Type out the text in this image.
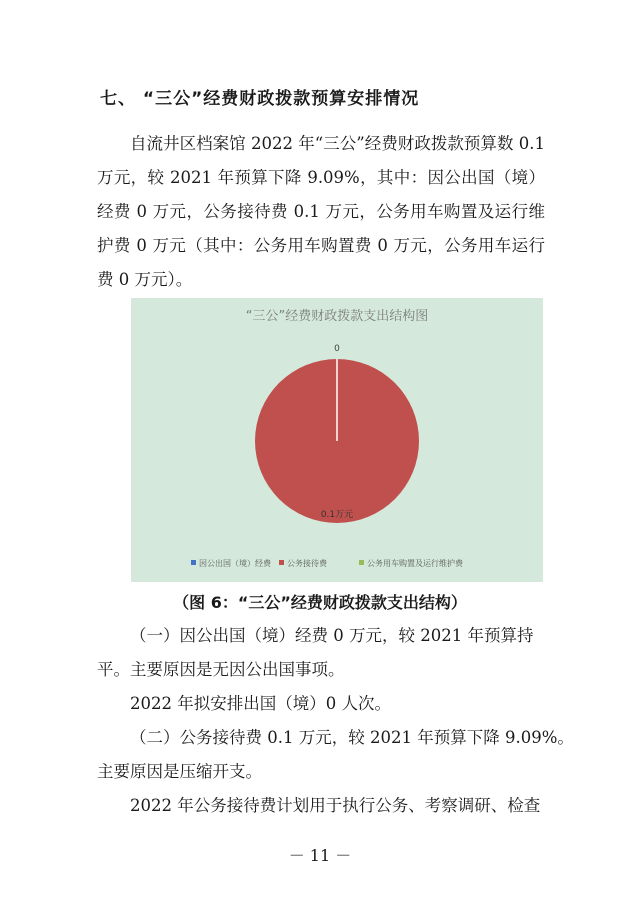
七、 “三公”经费财政拨款预算安排情况

自流井区档案馆 2022 年“三公”经费财政拨款预算数 0.1 万元，较 2021 年预算下降 9.09%，其中：因公出国（境）经费 0 万元，公务接待费 0.1 万元，公务用车购置及运行维护费 0 万元（其中：公务用车购置费 0 万元，公务用车运行费 0 万元）。

“三公”经费财政拨款支出结构图
0
0.1万元
因公出国（境）经费 公务接待费	公务用车购置及运行维护费
（图 6：“三公”经费财政拨款支出结构）

（一）因公出国（境）经费 0 万元，较 2021 年预算持

平。主要原因是无因公出国事项。

2022 年拟安排出国（境）0 人次。

（二）公务接待费 0.1 万元，较 2021 年预算下降 9.09%。

主要原因是压缩开支。

2022 年公务接待费计划用于执行公务、考察调研、检查

－ 11 －
